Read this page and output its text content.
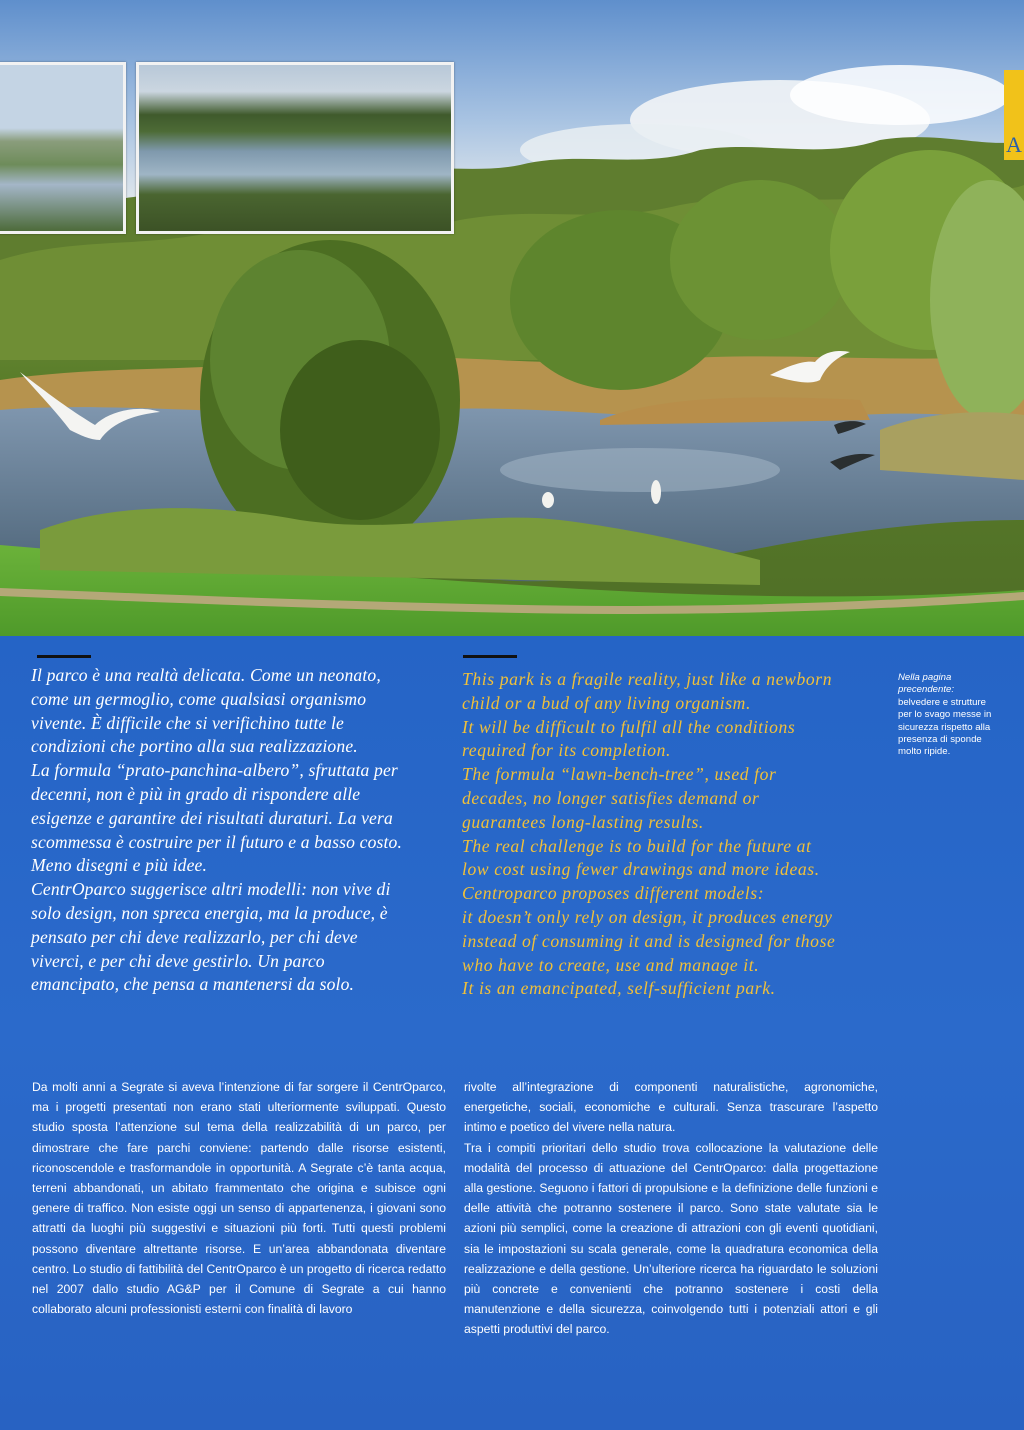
A

Il parco è una realtà delicata. Come un neonato,

come un germoglio, come qualsiasi organismo

vivente. È difficile che si verifichino tutte le

condizioni che portino alla sua realizzazione.

La formula “prato-panchina-albero”, sfruttata per

decenni, non è più in grado di rispondere alle

esigenze e garantire dei risultati duraturi. La vera

scommessa è costruire per il futuro e a basso costo.

Meno disegni e più idee.

CentrOparco suggerisce altri modelli: non vive di

solo design, non spreca energia, ma la produce, è

pensato per chi deve realizzarlo, per chi deve

viverci, e per chi deve gestirlo. Un parco

emancipato, che pensa a mantenersi da solo.

This park is a fragile reality, just like a newborn

child or a bud of any living organism.

It will be difficult to fulfil all the conditions

required for its completion.

The formula “lawn-bench-tree”, used for

decades, no longer satisfies demand or

guarantees long-lasting results.

The real challenge is to build for the future at

low cost using fewer drawings and more ideas.

Centroparco proposes different models:

it doesn’t only rely on design, it produces energy

instead of consuming it and is designed for those

who have to create, use and manage it.

It is an emancipated, self-sufficient park.

Nella pagina precendente: belvedere e strutture per lo svago messe in sicurezza rispetto alla presenza di sponde molto ripide.

Da molti anni a Segrate si aveva l’intenzione di far sorgere il CentrOparco, ma i progetti presentati non erano stati ulteriormente sviluppati. Questo studio sposta l’attenzione sul tema della realizzabilità di un parco, per dimostrare che fare parchi conviene: partendo dalle risorse esistenti, riconoscendole e trasformandole in opportunità. A Segrate c’è tanta acqua, terreni abbandonati, un abitato frammentato che origina e subisce ogni genere di traffico. Non esiste oggi un senso di appartenenza, i giovani sono attratti da luoghi più suggestivi e situazioni più forti. Tutti questi problemi possono diventare altrettante risorse. E un’area abbandonata diventare centro. Lo studio di fattibilità del CentrOparco è un progetto di ricerca redatto nel 2007 dallo studio AG&P per il Comune di Segrate a cui hanno collaborato alcuni professionisti esterni con finalità di lavoro

rivolte all’integrazione di componenti naturalistiche, agronomiche, energetiche, sociali, economiche e culturali. Senza trascurare l’aspetto intimo e poetico del vivere nella natura.

Tra i compiti prioritari dello studio trova collocazione la valutazione delle modalità del processo di attuazione del CentrOparco: dalla progettazione alla gestione. Seguono i fattori di propulsione e la definizione delle funzioni e delle attività che potranno sostenere il parco. Sono state valutate sia le azioni più semplici, come la creazione di attrazioni con gli eventi quotidiani, sia le impostazioni su scala generale, come la quadratura economica della realizzazione e della gestione. Un’ulteriore ricerca ha riguardato le soluzioni più concrete e convenienti che potranno sostenere i costi della manutenzione e della sicurezza, coinvolgendo tutti i potenziali attori e gli aspetti produttivi del parco.
